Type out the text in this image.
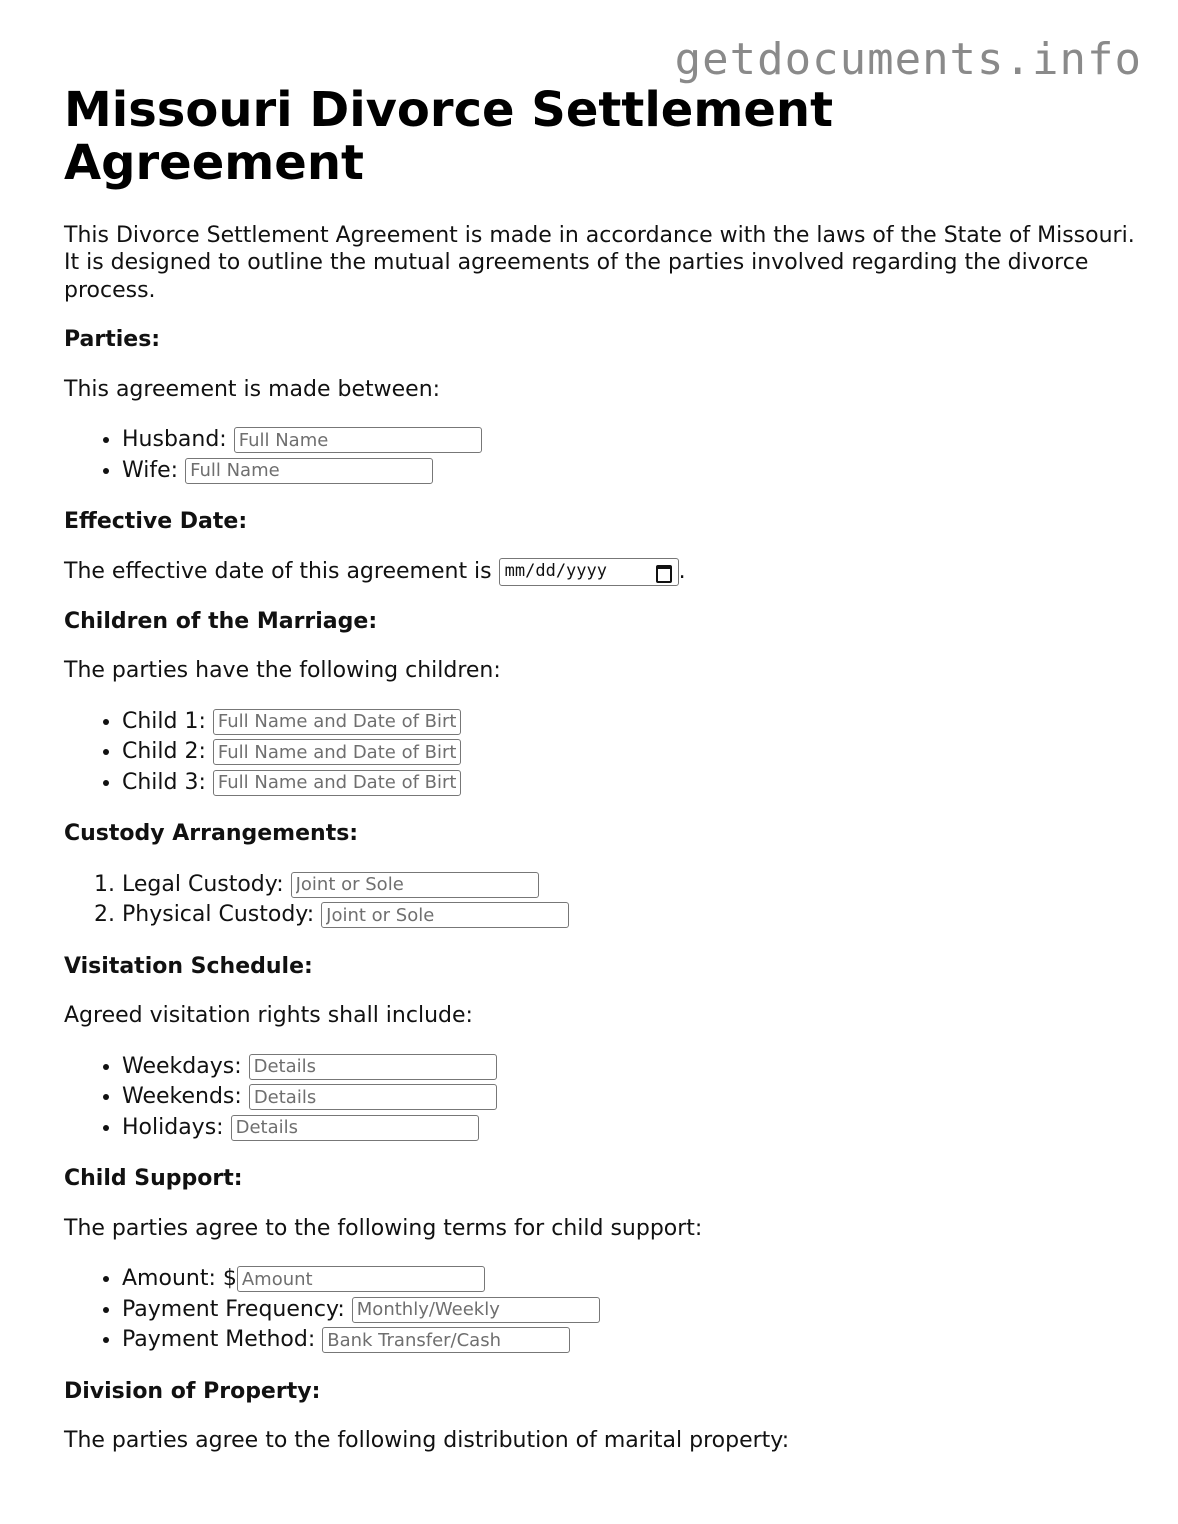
getdocuments.info
Missouri Divorce Settlement Agreement

This Divorce Settlement Agreement is made in accordance with the laws of the State of Missouri. It is designed to outline the mutual agreements of the parties involved regarding the divorce process.

Parties:

This agreement is made between:

• Husband: Full Name
• Wife: Full Name
Effective Date:

The effective date of this agreement is mm/dd/yyyy	.

Children of the Marriage:

The parties have the following children:

• Child 1: Full Name and Date of Birth
• Child 2: Full Name and Date of Birth
• Child 3: Full Name and Date of Birth
Custody Arrangements:
1. Legal Custody: Joint or Sole
2. Physical Custody: Joint or Sole
Visitation Schedule:

Agreed visitation rights shall include:

• Weekdays: Details
• Weekends: Details
• Holidays: Details
Child Support:

The parties agree to the following terms for child support:

• Amount: $Amount
• Payment Frequency: Monthly/Weekly
• Payment Method: Bank Transfer/Cash
Division of Property:

The parties agree to the following distribution of marital property:
